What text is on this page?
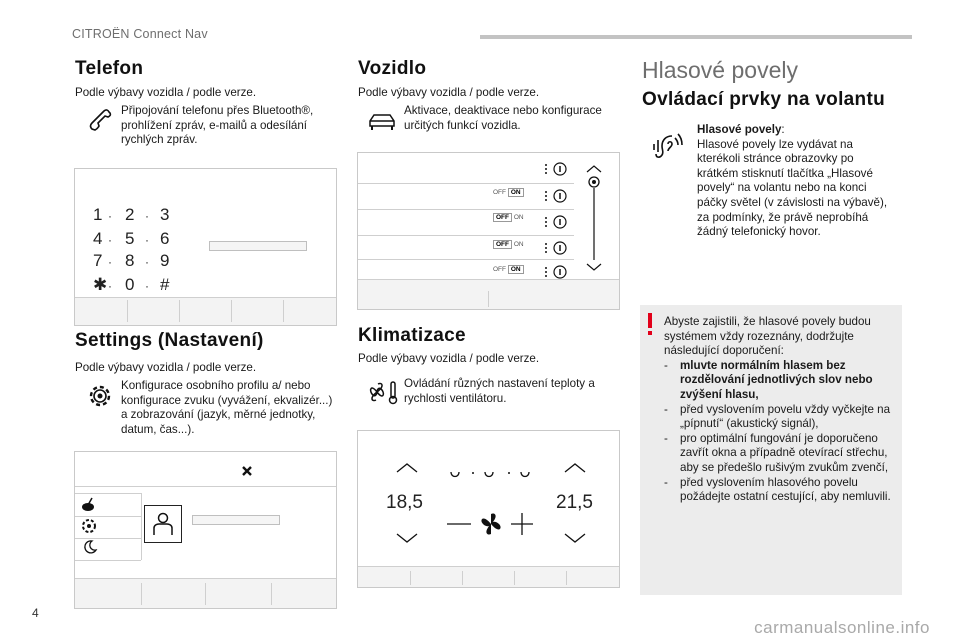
CITROËN Connect Nav
Telefon
Podle výbavy vozidla / podle verze.
Připojování telefonu přes Bluetooth®, prohlížení zpráv, e-mailů a odesílání rychlých zpráv.
1 · 2 · 3
4 · 5 · 6
7 · 8 · 9
✱ · 0 · #
Settings (Nastavení)
Podle výbavy vozidla / podle verze.
Konfigurace osobního profilu a/ nebo konfigurace zvuku (vyvážení, ekvalizér...) a zobrazování (jazyk, měrné jednotky, datum, čas...).
Vozidlo
Podle výbavy vozidla / podle verze.
Aktivace, deaktivace nebo konfigurace určitých funkcí vozidla.
OFF ON
OFF ON
OFF ON
OFF ON
Klimatizace
Podle výbavy vozidla / podle verze.
Ovládání různých nastavení teploty a rychlosti ventilátoru.
18,5	21,5
Hlasové povely
Ovládací prvky na volantu
Hlasové povely:
Hlasové povely lze vydávat na kterékoli stránce obrazovky po krátkém stisknutí tlačítka „Hlasové povely“ na volantu nebo na konci páčky světel (v závislosti na výbavě), za podmínky, že právě neprobíhá žádný telefonický hovor.
Abyste zajistili, že hlasové povely budou systémem vždy rozeznány, dodržujte následující doporučení:
- mluvte normálním hlasem bez rozdělování jednotlivých slov nebo zvýšení hlasu,
- před vyslovením povelu vždy vyčkejte na „pípnutí“ (akustický signál),
- pro optimální fungování je doporučeno zavřít okna a případně otevírací střechu, aby se předešlo rušivým zvukům zvenčí,
- před vyslovením hlasového povelu požádejte ostatní cestující, aby nemluvili.
4
carmanualsonline.info
